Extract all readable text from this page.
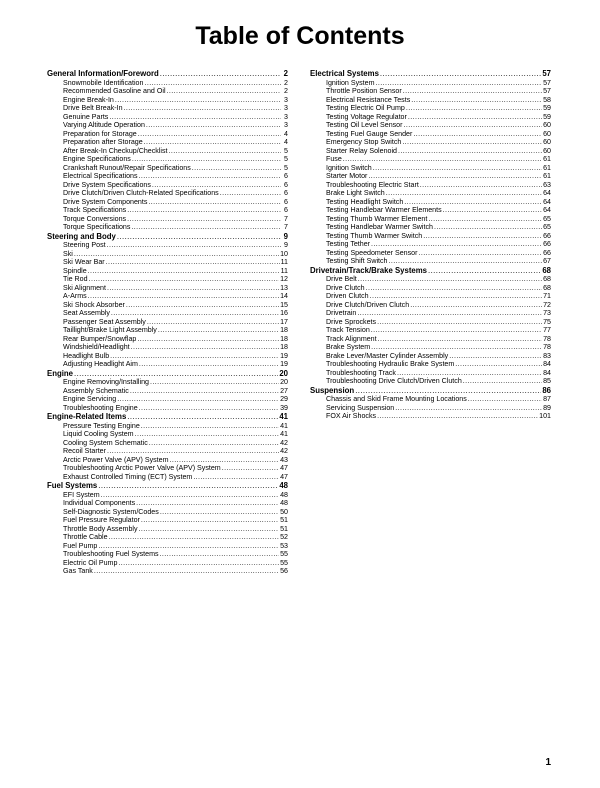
Table of Contents
General Information/Foreword .....	2
Snowmobile Identification .....	2
Recommended Gasoline and Oil .....	2
Engine Break-In .....	3
Drive Belt Break-In .....	3
Genuine Parts .....	3
Varying Altitude Operation .....	3
Preparation for Storage .....	4
Preparation after Storage .....	4
After Break-In Checkup/Checklist .....	5
Engine Specifications .....	5
Crankshaft Runout/Repair Specifications .....	5
Electrical Specifications .....	6
Drive System Specifications .....	6
Drive Clutch/Driven Clutch-Related Specifications .....	6
Drive System Components .....	6
Track Specifications .....	6
Torque Conversions .....	7
Torque Specifications .....	7
Steering and Body .....	9
Steering Post .....	9
Ski .....	10
Ski Wear Bar .....	11
Spindle .....	11
Tie Rod .....	12
Ski Alignment .....	13
A-Arms .....	14
Ski Shock Absorber .....	15
Seat Assembly .....	16
Passenger Seat Assembly .....	17
Taillight/Brake Light Assembly .....	18
Rear Bumper/Snowflap .....	18
Windshield/Headlight .....	18
Headlight Bulb .....	19
Adjusting Headlight Aim .....	19
Engine .....	20
Engine Removing/Installing .....	20
Assembly Schematic .....	27
Engine Servicing .....	29
Troubleshooting Engine .....	39
Engine-Related Items .....	41
Pressure Testing Engine .....	41
Liquid Cooling System .....	41
Cooling System Schematic .....	42
Recoil Starter .....	42
Arctic Power Valve (APV) System .....	43
Troubleshooting Arctic Power Valve (APV) System .....	47
Exhaust Controlled Timing (ECT) System .....	47
Fuel Systems .....	48
EFI System .....	48
Individual Components .....	48
Self-Diagnostic System/Codes .....	50
Fuel Pressure Regulator .....	51
Throttle Body Assembly .....	51
Throttle Cable .....	52
Fuel Pump .....	53
Troubleshooting Fuel Systems .....	55
Electric Oil Pump .....	55
Gas Tank .....	56
Electrical Systems .....	57
Ignition System .....	57
Throttle Position Sensor .....	57
Electrical Resistance Tests .....	58
Testing Electric Oil Pump .....	59
Testing Voltage Regulator .....	59
Testing Oil Level Sensor .....	60
Testing Fuel Gauge Sender .....	60
Emergency Stop Switch .....	60
Starter Relay Solenoid .....	60
Fuse .....	61
Ignition Switch .....	61
Starter Motor .....	61
Troubleshooting Electric Start .....	63
Brake Light Switch .....	64
Testing Headlight Switch .....	64
Testing Handlebar Warmer Elements .....	64
Testing Thumb Warmer Element .....	65
Testing Handlebar Warmer Switch .....	65
Testing Thumb Warmer Switch .....	66
Testing Tether .....	66
Testing Speedometer Sensor .....	66
Testing Shift Switch .....	67
Drivetrain/Track/Brake Systems .....	68
Drive Belt .....	68
Drive Clutch .....	68
Driven Clutch .....	71
Drive Clutch/Driven Clutch .....	72
Drivetrain .....	73
Drive Sprockets .....	75
Track Tension .....	77
Track Alignment .....	78
Brake System .....	78
Brake Lever/Master Cylinder Assembly .....	83
Troubleshooting Hydraulic Brake System .....	84
Troubleshooting Track .....	84
Troubleshooting Drive Clutch/Driven Clutch .....	85
Suspension .....	86
Chassis and Skid Frame Mounting Locations .....	87
Servicing Suspension .....	89
FOX Air Shocks .....	101
1
